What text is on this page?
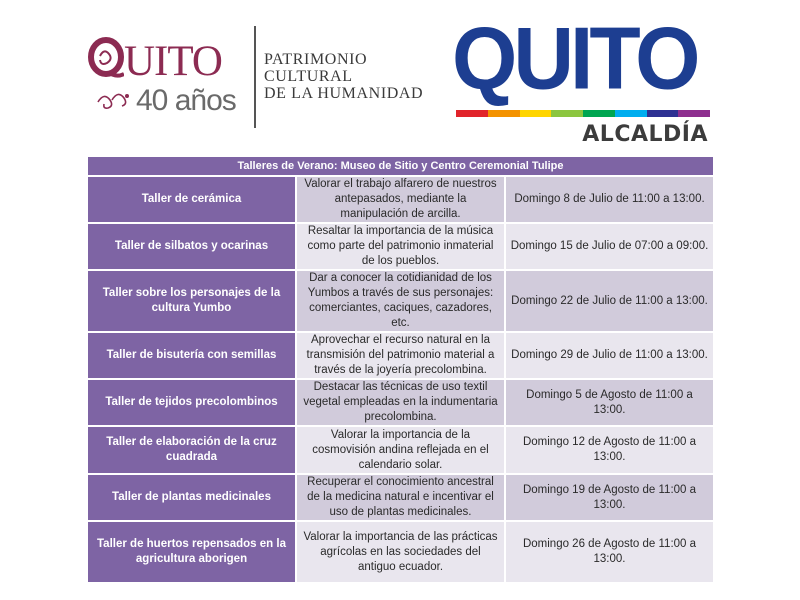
UITO
40 años
PATRIMONIO
CULTURAL
DE LA HUMANIDAD QUITO
ALCALDÍA
Talleres de Verano: Museo de Sitio y Centro Ceremonial Tulipe		
Taller de cerámica	Valorar el trabajo alfarero de nuestros antepasados, mediante la manipulación de arcilla.	Domingo 8 de Julio de 11:00 a 13:00.
Taller de silbatos y ocarinas	Resaltar la importancia de la música como parte del patrimonio inmaterial de los pueblos.	Domingo 15 de Julio de 07:00 a 09:00.
Taller sobre los personajes de la cultura Yumbo	Dar a conocer la cotidianidad de los Yumbos a través de sus personajes: comerciantes, caciques, cazadores, etc.	Domingo 22 de Julio de 11:00 a 13:00.
Taller de bisutería con semillas	Aprovechar el recurso natural en la transmisión del patrimonio material a través de la joyería precolombina.	Domingo 29 de Julio de 11:00 a 13:00.
Taller de tejidos precolombinos	Destacar las técnicas de uso textil vegetal empleadas en la indumentaria precolombina.	Domingo 5 de Agosto de 11:00 a 13:00.
Taller de elaboración de la cruz cuadrada	Valorar la importancia de la cosmovisión andina reflejada en el calendario solar.	Domingo 12 de Agosto de 11:00 a 13:00.
Taller de plantas medicinales	Recuperar el conocimiento ancestral de la medicina natural e incentivar el uso de plantas medicinales.	Domingo 19 de Agosto de 11:00 a 13:00.
Taller de huertos repensados en la agricultura aborigen	Valorar la importancia de las prácticas agrícolas en las sociedades del antiguo ecuador.	Domingo 26 de Agosto de 11:00 a 13:00.
